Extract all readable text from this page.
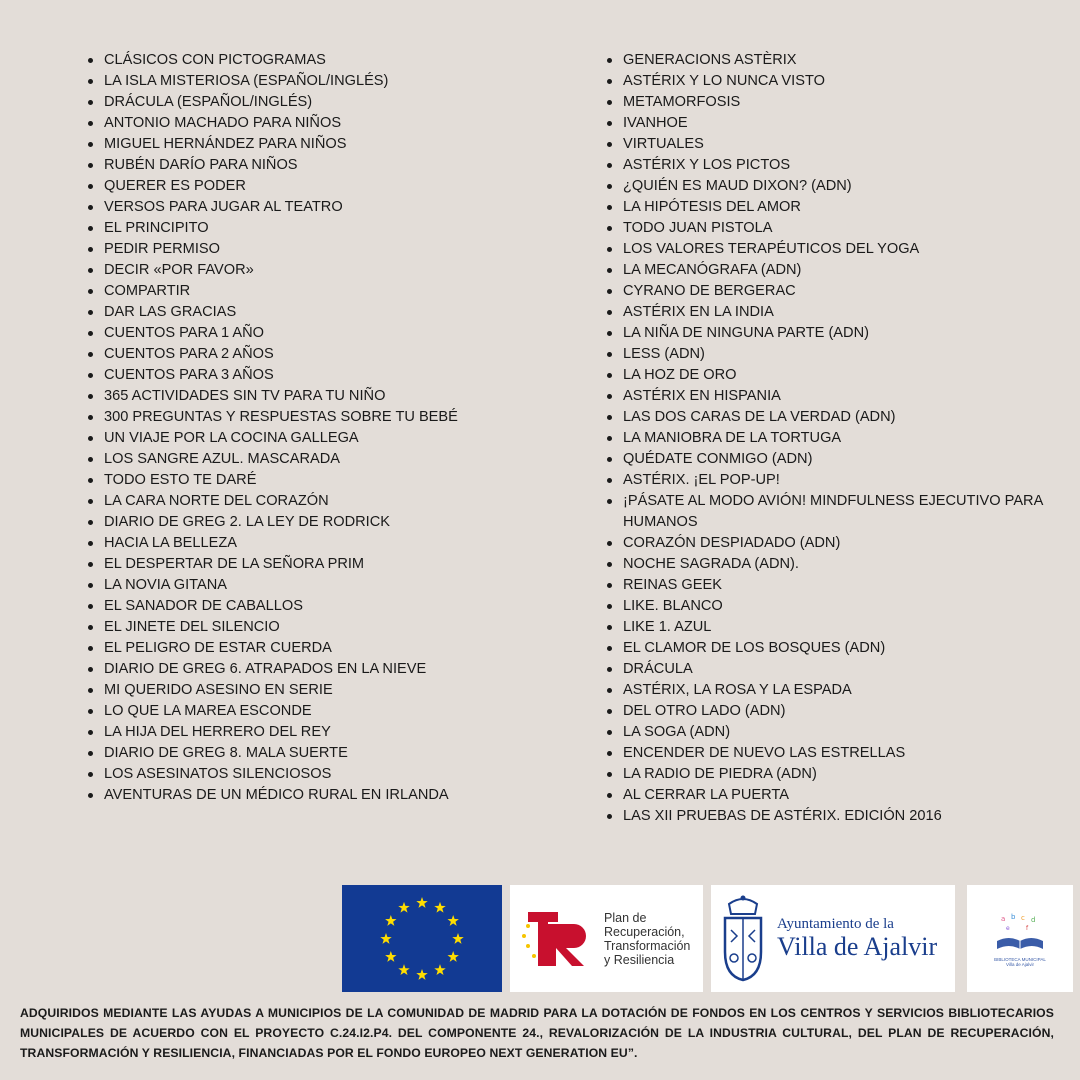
CLÁSICOS CON PICTOGRAMAS
LA ISLA MISTERIOSA (ESPAÑOL/INGLÉS)
DRÁCULA (ESPAÑOL/INGLÉS)
ANTONIO MACHADO PARA NIÑOS
MIGUEL HERNÁNDEZ PARA NIÑOS
RUBÉN DARÍO PARA NIÑOS
QUERER ES PODER
VERSOS PARA JUGAR AL TEATRO
EL PRINCIPITO
PEDIR PERMISO
DECIR «POR FAVOR»
COMPARTIR
DAR LAS GRACIAS
CUENTOS PARA 1 AÑO
CUENTOS PARA 2 AÑOS
CUENTOS PARA 3 AÑOS
365 ACTIVIDADES SIN TV PARA TU NIÑO
300 PREGUNTAS Y RESPUESTAS SOBRE TU BEBÉ
UN VIAJE POR LA COCINA GALLEGA
LOS SANGRE AZUL. MASCARADA
TODO ESTO TE DARÉ
LA CARA NORTE DEL CORAZÓN
DIARIO DE GREG 2. LA LEY DE RODRICK
HACIA LA BELLEZA
EL DESPERTAR DE LA SEÑORA PRIM
LA NOVIA GITANA
EL SANADOR DE CABALLOS
EL JINETE DEL SILENCIO
EL PELIGRO DE ESTAR CUERDA
DIARIO DE GREG 6. ATRAPADOS EN LA NIEVE
MI QUERIDO ASESINO EN SERIE
LO QUE LA MAREA ESCONDE
LA HIJA DEL HERRERO DEL REY
DIARIO DE GREG 8. MALA SUERTE
LOS ASESINATOS SILENCIOSOS
AVENTURAS DE UN MÉDICO RURAL EN IRLANDA
GENERACIONS ASTÈRIX
ASTÉRIX Y LO NUNCA VISTO
METAMORFOSIS
IVANHOE
VIRTUALES
ASTÉRIX Y LOS PICTOS
¿QUIÉN ES MAUD DIXON? (ADN)
LA HIPÓTESIS DEL AMOR
TODO JUAN PISTOLA
LOS VALORES TERAPÉUTICOS DEL YOGA
LA MECANÓGRAFA (ADN)
CYRANO DE BERGERAC
ASTÉRIX EN LA INDIA
LA NIÑA DE NINGUNA PARTE (ADN)
LESS (ADN)
LA HOZ DE ORO
ASTÉRIX EN HISPANIA
LAS DOS CARAS DE LA VERDAD (ADN)
LA MANIOBRA DE LA TORTUGA
QUÉDATE CONMIGO (ADN)
ASTÉRIX. ¡EL POP-UP!
¡PÁSATE AL MODO AVIÓN! MINDFULNESS EJECUTIVO PARA HUMANOS
CORAZÓN DESPIADADO (ADN)
NOCHE SAGRADA (ADN).
REINAS GEEK
LIKE. BLANCO
LIKE 1. AZUL
EL CLAMOR DE LOS BOSQUES (ADN)
DRÁCULA
ASTÉRIX, LA ROSA Y LA ESPADA
DEL OTRO LADO (ADN)
LA SOGA (ADN)
ENCENDER DE NUEVO LAS ESTRELLAS
LA RADIO DE PIEDRA (ADN)
AL CERRAR LA PUERTA
LAS XII PRUEBAS DE ASTÉRIX. EDICIÓN 2016
Plan de
Recuperación,
Transformación
y Resiliencia
Ayuntamiento de la
Villa de Ajalvir
a b c d
e	f
BIBLIOTECA MUNICIPAL
Villa de Ajalvir

ADQUIRIDOS MEDIANTE LAS AYUDAS A MUNICIPIOS DE LA COMUNIDAD DE MADRID PARA LA DOTACIÓN DE FONDOS EN LOS CENTROS Y SERVICIOS BIBLIOTECARIOS MUNICIPALES DE ACUERDO CON EL PROYECTO C.24.I2.P4. DEL COMPONENTE 24., REVALORIZACIÓN DE LA INDUSTRIA CULTURAL, DEL PLAN DE RECUPERACIÓN, TRANSFORMACIÓN Y RESILIENCIA, FINANCIADAS POR EL FONDO EUROPEO NEXT GENERATION EU”.
